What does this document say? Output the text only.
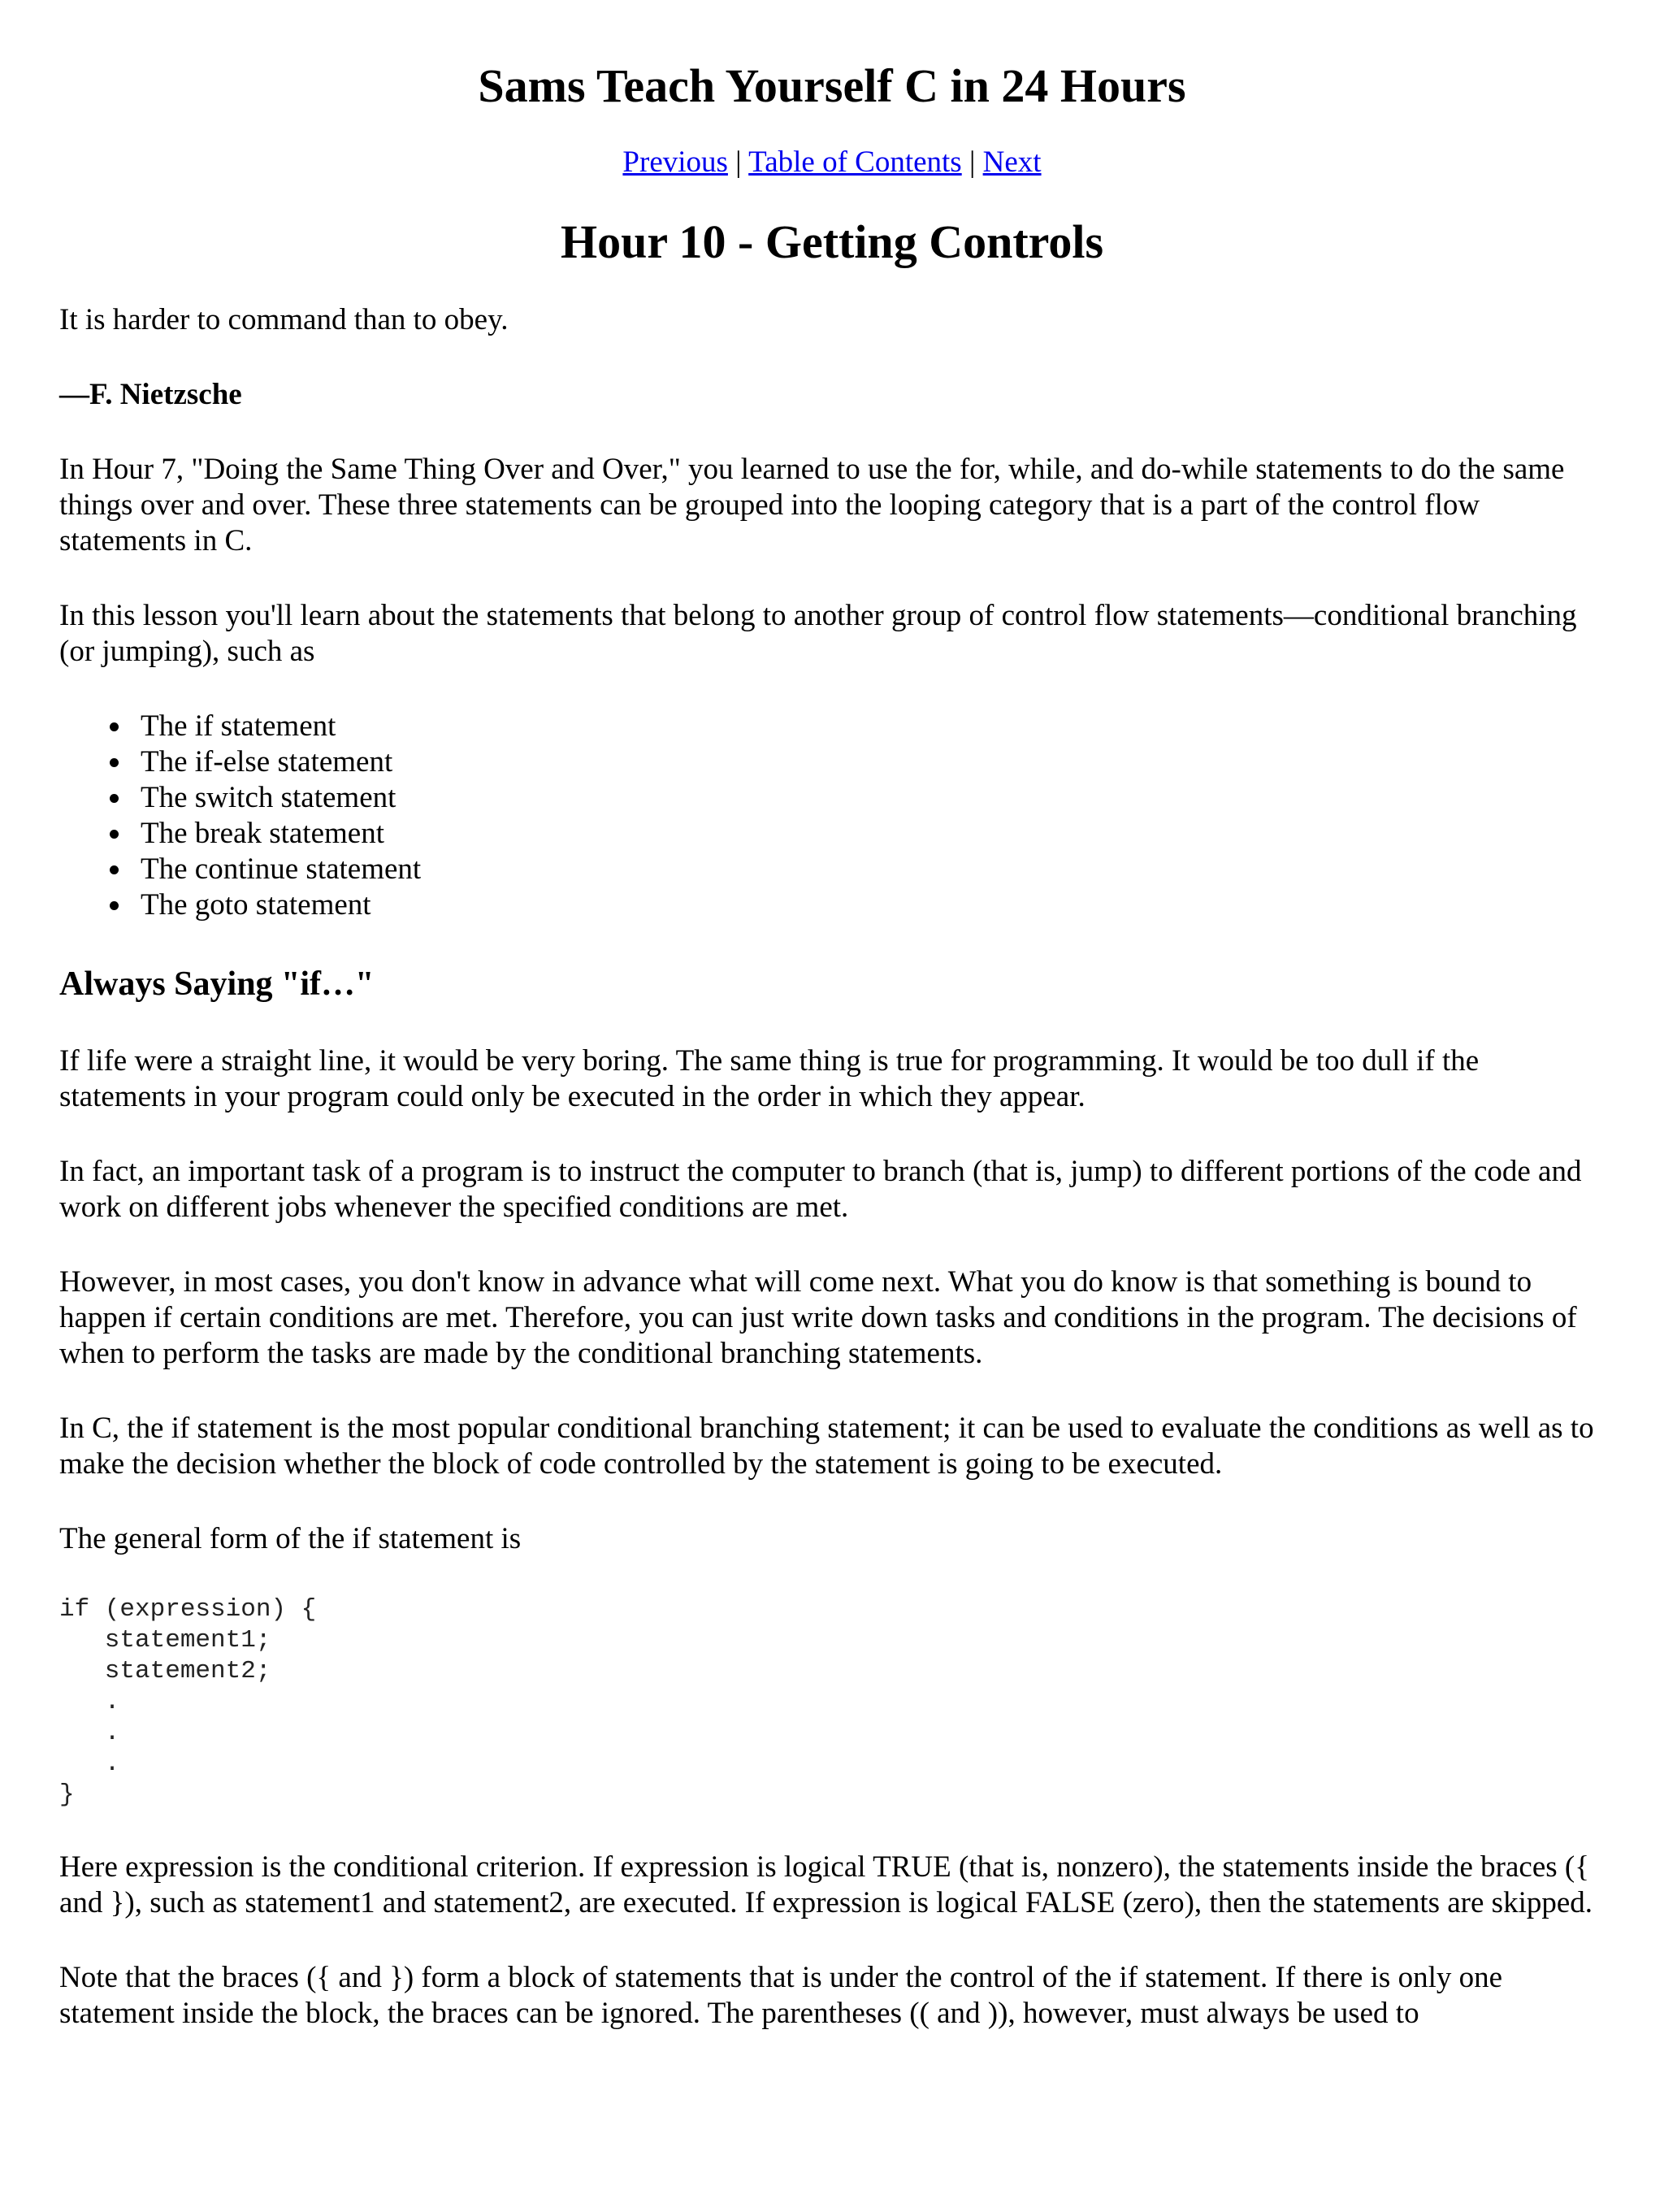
Sams Teach Yourself C in 24 Hours
Previous | Table of Contents | Next
Hour 10 - Getting Controls

It is harder to command than to obey.

—F. Nietzsche

In Hour 7, "Doing the Same Thing Over and Over," you learned to use the for, while, and do-while statements to do the same things over and over. These three statements can be grouped into the looping category that is a part of the control flow statements in C.

In this lesson you'll learn about the statements that belong to another group of control flow statements—conditional branching (or jumping), such as

The if statement
The if-else statement
The switch statement
The break statement
The continue statement
The goto statement
Always Saying "if…"

If life were a straight line, it would be very boring. The same thing is true for programming. It would be too dull if the statements in your program could only be executed in the order in which they appear.

In fact, an important task of a program is to instruct the computer to branch (that is, jump) to different portions of the code and work on different jobs whenever the specified conditions are met.

However, in most cases, you don't know in advance what will come next. What you do know is that something is bound to happen if certain conditions are met. Therefore, you can just write down tasks and conditions in the program. The decisions of when to perform the tasks are made by the conditional branching statements.

In C, the if statement is the most popular conditional branching statement; it can be used to evaluate the conditions as well as to make the decision whether the block of code controlled by the statement is going to be executed.

The general form of the if statement is

if (expression) {
statement1;
statement2;
.
.
.
}

Here expression is the conditional criterion. If expression is logical TRUE (that is, nonzero), the statements inside the braces ({ and }), such as statement1 and statement2, are executed. If expression is logical FALSE (zero), then the statements are skipped.

Note that the braces ({ and }) form a block of statements that is under the control of the if statement. If there is only one statement inside the block, the braces can be ignored. The parentheses (( and )), however, must always be used to
